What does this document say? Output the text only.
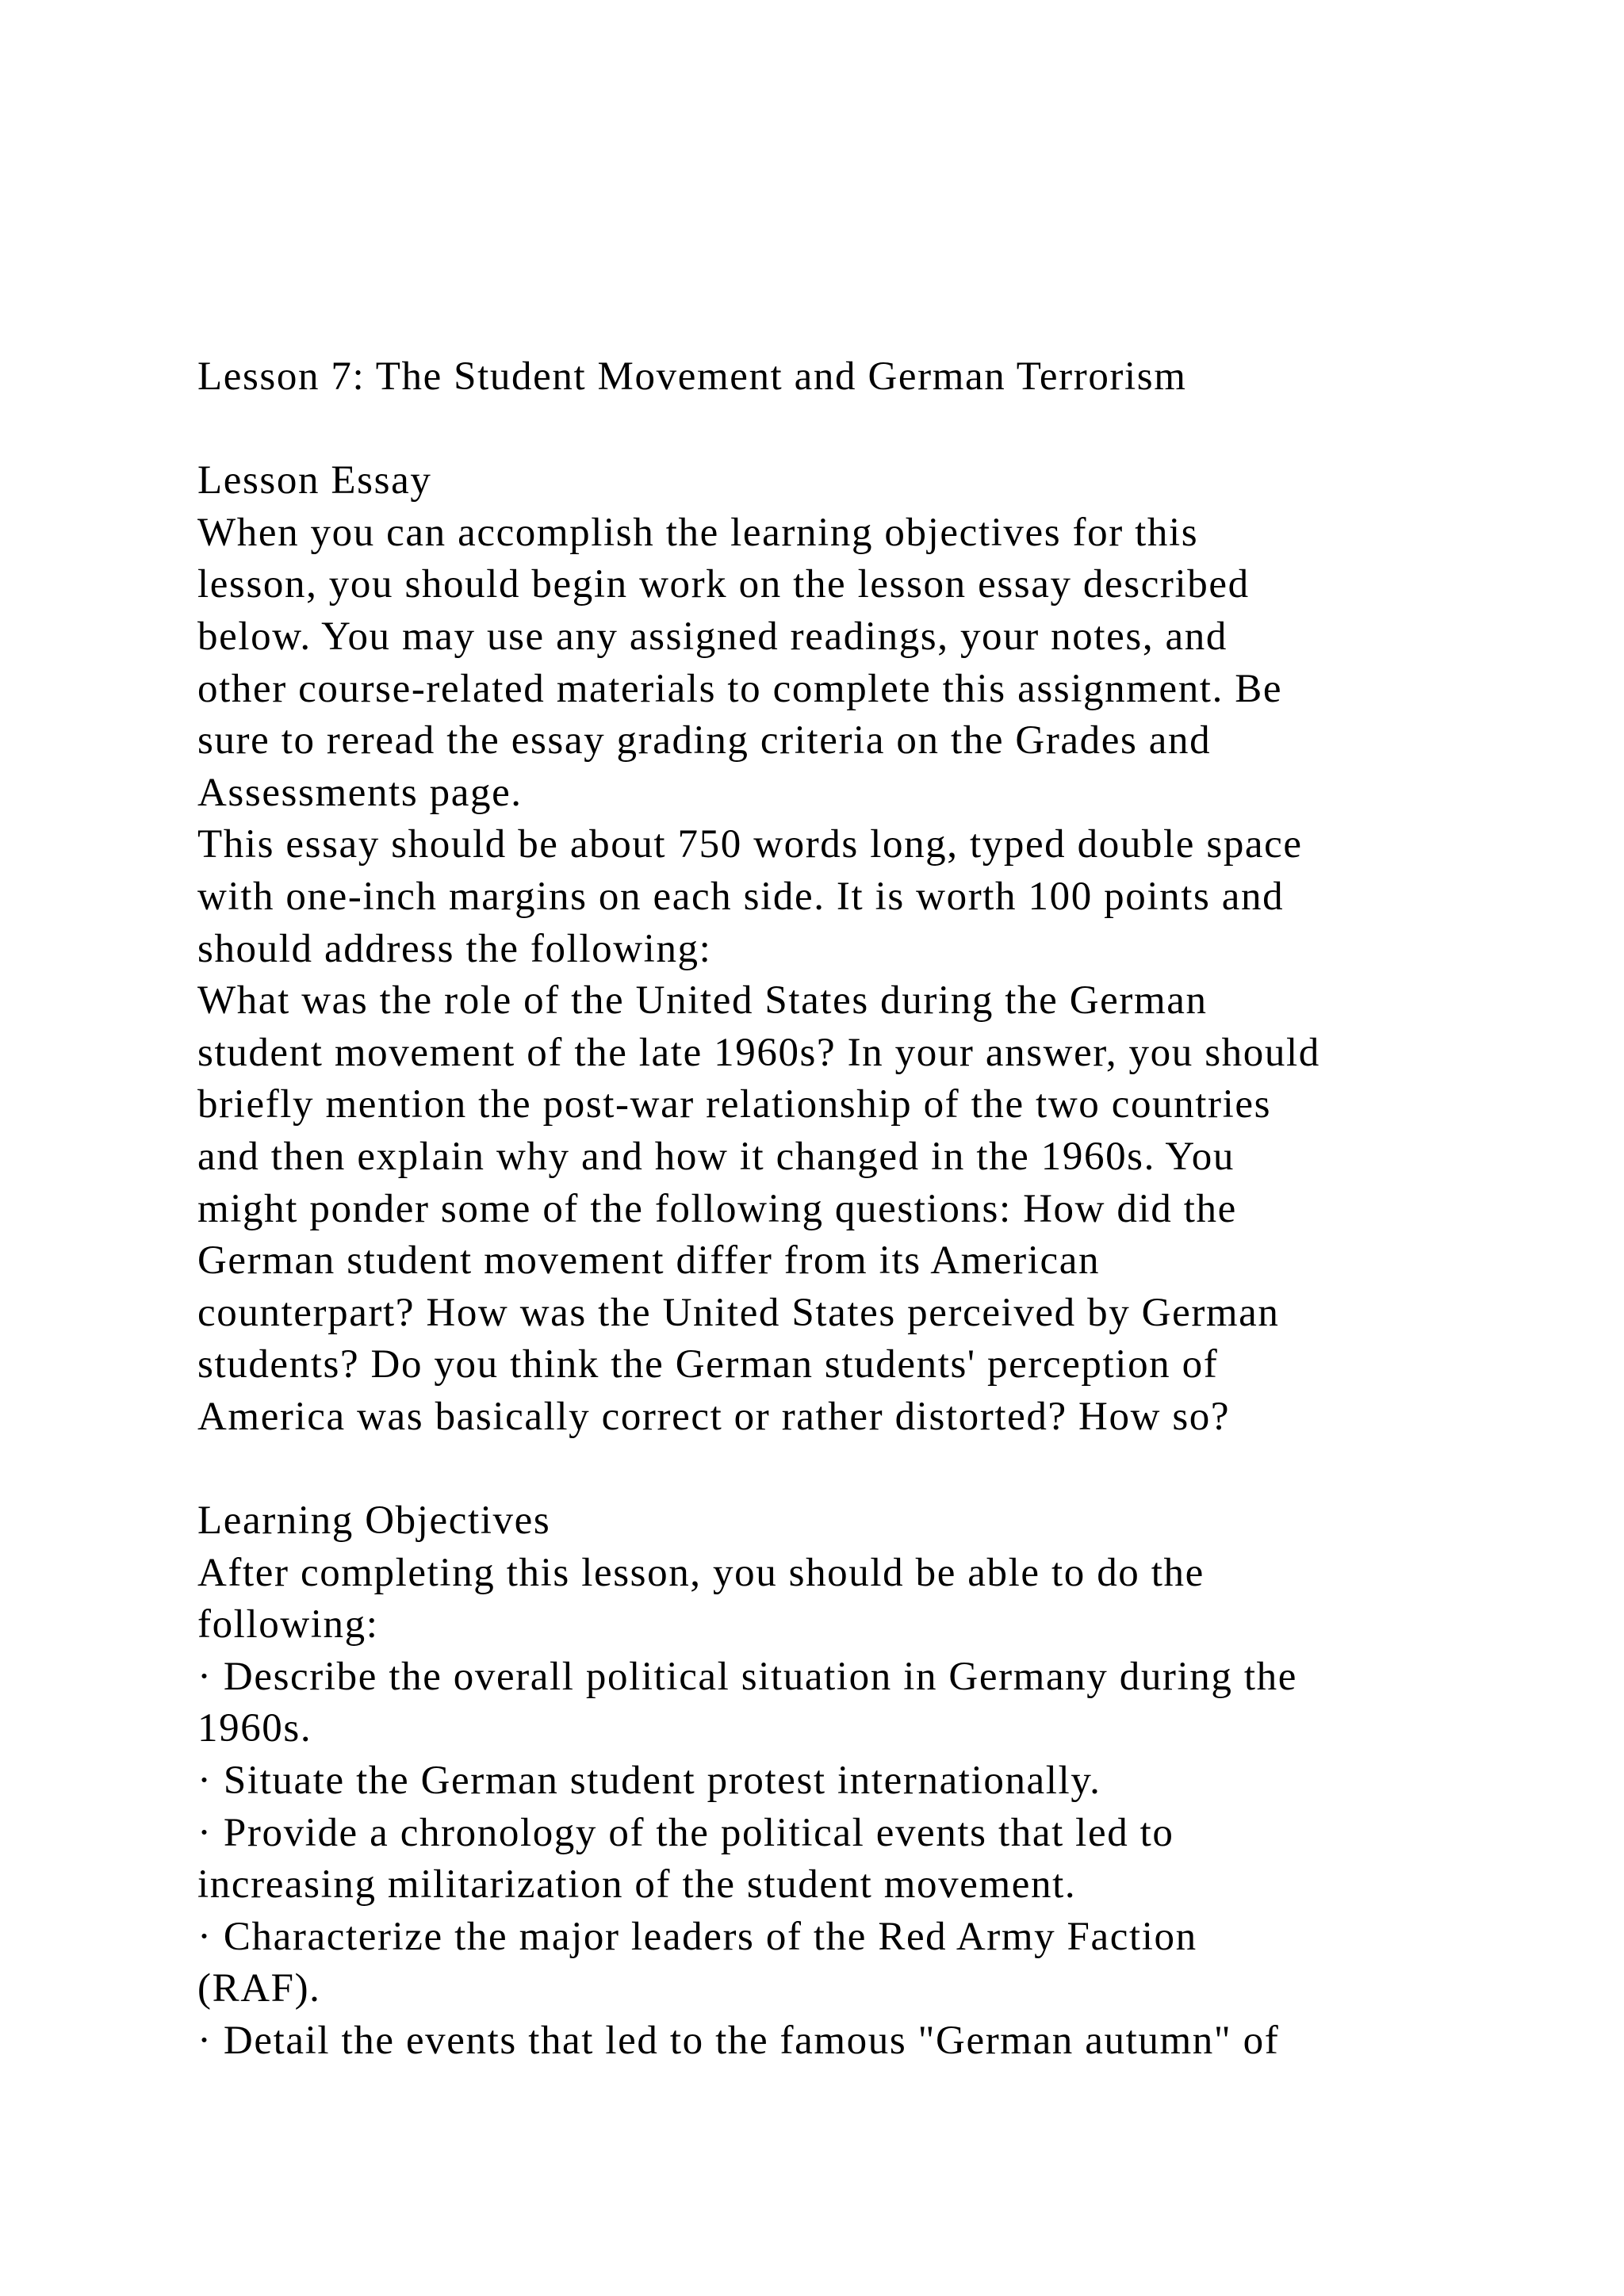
Lesson 7: The Student Movement and German Terrorism
Lesson Essay
When you can accomplish the learning objectives for this
lesson, you should begin work on the lesson essay described
below. You may use any assigned readings, your notes, and
other course-related materials to complete this assignment. Be
sure to reread the essay grading criteria on the Grades and
Assessments page.
This essay should be about 750 words long, typed double space
with one-inch margins on each side. It is worth 100 points and
should address the following:
What was the role of the United States during the German
student movement of the late 1960s? In your answer, you should
briefly mention the post-war relationship of the two countries
and then explain why and how it changed in the 1960s. You
might ponder some of the following questions: How did the
German student movement differ from its American
counterpart? How was the United States perceived by German
students? Do you think the German students' perception of
America was basically correct or rather distorted? How so?
Learning Objectives
After completing this lesson, you should be able to do the
following:
· Describe the overall political situation in Germany during the
1960s.
· Situate the German student protest internationally.
· Provide a chronology of the political events that led to
increasing militarization of the student movement.
· Characterize the major leaders of the Red Army Faction
(RAF).
· Detail the events that led to the famous "German autumn" of
